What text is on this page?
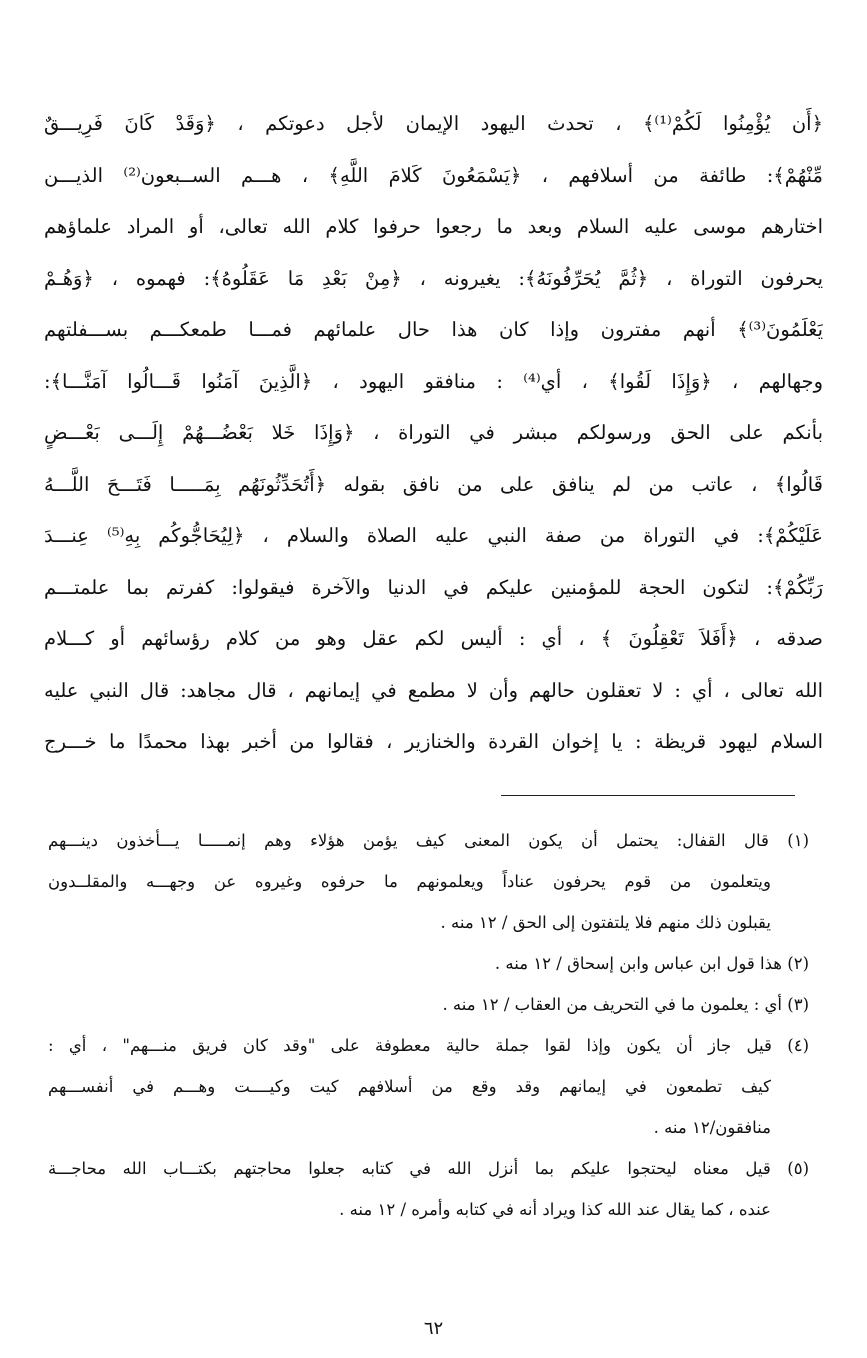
﴿أَن يُؤْمِنُوا لَكُمْ⁽¹⁾﴾ ، تحدث اليهود الإيمان لأجل دعوتكم ، ﴿وَقَدْ كَانَ فَرِيـــقٌ
مِّنْهُمْ﴾: طائفة من أسلافهم ، ﴿يَسْمَعُونَ كَلامَ اللَّهِ﴾ ، هـــم الســبعون⁽²⁾ الذيـــن
اختارهم موسى عليه السلام وبعد ما رجعوا حرفوا كلام الله تعالى، أو المراد علماؤهم
يحرفون التوراة ، ﴿ثُمَّ يُحَرِّفُونَهُ﴾: يغيرونه ، ﴿مِنْ بَعْدِ مَا عَقَلُوهُ﴾: فهموه ، ﴿وَهُـمْ
يَعْلَمُونَ⁽³⁾﴾ أنهم مفترون وإذا كان هذا حال علمائهم فمـــا طمعكـــم بســـفلتهم
وجهالهم ، ﴿وَإِذَا لَقُوا﴾ ، أي⁽⁴⁾ : منافقو اليهود ، ﴿الَّذِينَ آمَنُوا قَـــالُوا آمَنَّـــا﴾:
بأنكم على الحق ورسولكم مبشر في التوراة ، ﴿وَإِذَا خَلا بَعْضُـــهُمْ إِلَـــى بَعْـــضٍ
قَالُوا﴾ ، عاتب من لم ينافق على من نافق بقوله ﴿أَتُحَدِّثُونَهُم بِمَـــــا فَتَـــحَ اللَّـــهُ
عَلَيْكُمْ﴾: في التوراة من صفة النبي عليه الصلاة والسلام ، ﴿لِيُحَاجُّوكُم بِهِ⁽⁵⁾ عِنـــدَ
رَبِّكُمْ﴾: لتكون الحجة للمؤمنين عليكم في الدنيا والآخرة فيقولوا: كفرتم بما علمتـــم
صدقه ، ﴿أَفَلاَ تَعْقِلُونَ ﴾ ، أي : أليس لكم عقل وهو من كلام رؤسائهم أو كـــلام
الله تعالى ، أي : لا تعقلون حالهم وأن لا مطمع في إيمانهم ، قال مجاهد: قال النبي عليه
السلام ليهود قريظة : يا إخوان القردة والخنازير ، فقالوا من أخبر بهذا محمدًا ما خـــرج
(١) قال القفال: يحتمل أن يكون المعنى كيف يؤمن هؤلاء وهم إنمـــــا يـــأخذون دينـــهم
ويتعلمون من قوم يحرفون عناداً ويعلمونهم ما حرفوه وغيروه عن وجهـــه والمقلــدون
يقبلون ذلك منهم فلا يلتفتون إلى الحق / ١٢ منه .
(٢) هذا قول ابن عباس وابن إسحاق / ١٢ منه .
(٣) أي : يعلمون ما في التحريف من العقاب / ١٢ منه .
(٤) قيل جاز أن يكون وإذا لقوا جملة حالية معطوفة على "وقد كان فريق منـــهم" ، أي :
كيف تطمعون في إيمانهم وقد وقع من أسلافهم كيت وكيــــت وهـــم في أنفســـهم
منافقون/١٢ منه .
(٥) قيل معناه ليحتجوا عليكم بما أنزل الله في كتابه جعلوا محاجتهم بكتـــاب الله محاجـــة
عنده ، كما يقال عند الله كذا ويراد أنه في كتابه وأمره / ١٢ منه .
٦٢
